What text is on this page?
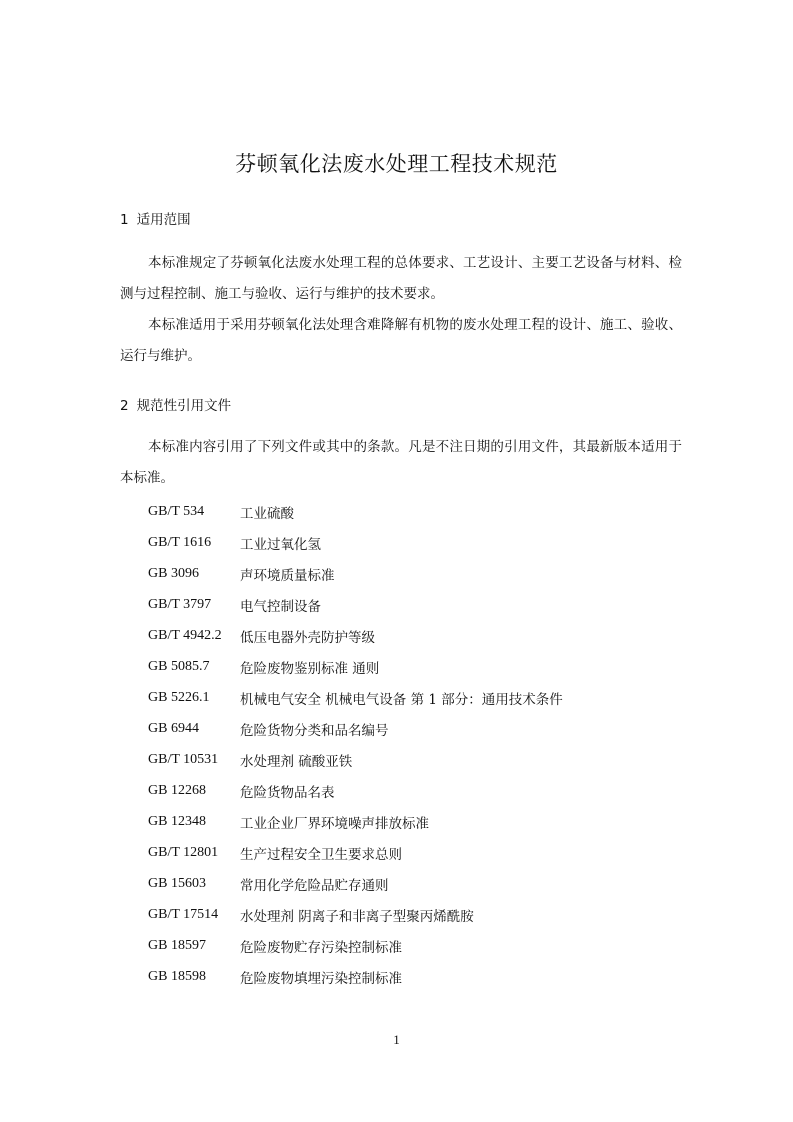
芬顿氧化法废水处理工程技术规范
1 适用范围

本标准规定了芬顿氧化法废水处理工程的总体要求、工艺设计、主要工艺设备与材料、检测与过程控制、施工与验收、运行与维护的技术要求。

本标准适用于采用芬顿氧化法处理含难降解有机物的废水处理工程的设计、施工、验收、运行与维护。

2 规范性引用文件

本标准内容引用了下列文件或其中的条款。凡是不注日期的引用文件，其最新版本适用于本标准。

GB/T 534	工业硫酸
GB/T 1616	工业过氧化氢
GB 3096	声环境质量标准
GB/T 3797	电气控制设备
GB/T 4942.2	低压电器外壳防护等级
GB 5085.7	危险废物鉴别标准 通则
GB 5226.1	机械电气安全 机械电气设备 第 1 部分：通用技术条件
GB 6944	危险货物分类和品名编号
GB/T 10531	水处理剂 硫酸亚铁
GB 12268	危险货物品名表
GB 12348	工业企业厂界环境噪声排放标准
GB/T 12801	生产过程安全卫生要求总则
GB 15603	常用化学危险品贮存通则
GB/T 17514	水处理剂 阴离子和非离子型聚丙烯酰胺
GB 18597	危险废物贮存污染控制标准
GB 18598	危险废物填埋污染控制标准
1
